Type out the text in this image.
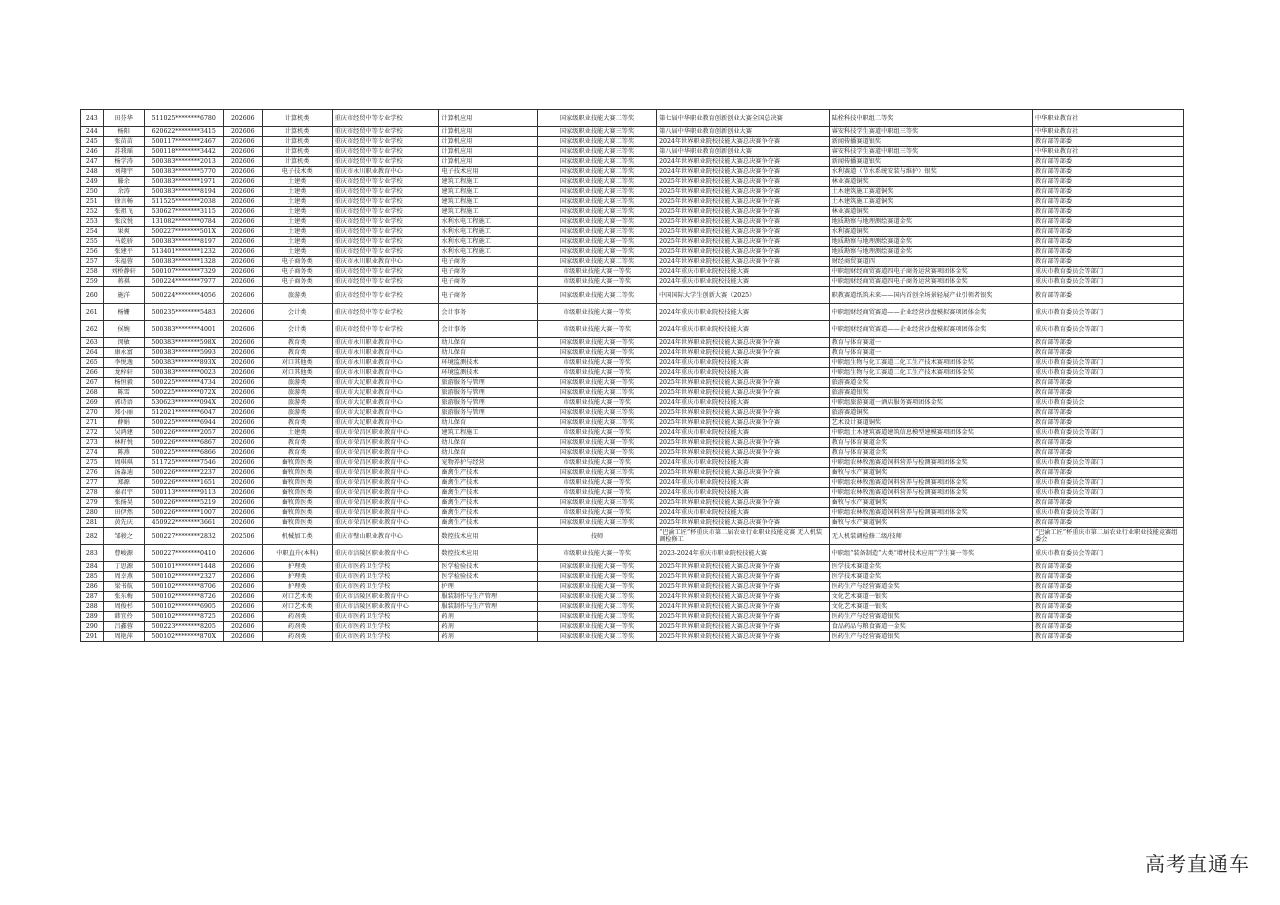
243	田芬华	511025********6780	202606	计算机类	重庆市经贸中等专业学校	计算机应用	国家级职业技能大赛二等奖	第七届中华职业教育创新创业大赛全国总决赛	陆栓科技中职组二等奖	中华职业教育社
244	杨阳	620622********3415	202606	计算机类	重庆市经贸中等专业学校	计算机应用	国家级职业技能大赛三等奖	第八届中华职业教育创新创业大赛	睿安科技学生赛道中职组三等奖	中华职业教育社
245	张苗苗	500117********2467	202606	计算机类	重庆市经贸中等专业学校	计算机应用	国家级职业技能大赛二等奖	2024年世界职业院校技能大赛总决赛争夺赛	新闻传播赛道银奖	教育部等部委
246	苏我瑶	500118********3442	202606	计算机类	重庆市经贸中等专业学校	计算机应用	国家级职业技能大赛三等奖	第八届中华职业教育创新创业大赛	睿安科技学生赛道中职组三等奖	中华职业教育社
247	杨学涛	500383********2013	202606	计算机类	重庆市经贸中等专业学校	计算机应用	国家级职业技能大赛二等奖	2024年世界职业院校技能大赛总决赛争夺赛	新闻传播赛道银奖	教育部等部委
248	刘翔宇	500383********5770	202606	电子技术类	重庆市永川职业教育中心	电子技术应用	国家级职业技能大赛二等奖	2024年世界职业院校技能大赛总决赛争夺赛	水利赛道（节水系统安装与维护）银奖	教育部等部委
249	滕余	500383********1971	202606	土建类	重庆市经贸中等专业学校	建筑工程施工	国家级职业技能大赛二等奖	2025年世界职业院校技能大赛总决赛争夺赛	林业赛道铜奖	教育部等部委
250	余涛	500383********8194	202606	土建类	重庆市经贸中等专业学校	建筑工程施工	国家级职业技能大赛三等奖	2025年世界职业院校技能大赛总决赛争夺赛	土木建筑施工赛道铜奖	教育部等部委
251	徐言畅	511525********2038	202606	土建类	重庆市经贸中等专业学校	建筑工程施工	国家级职业技能大赛三等奖	2025年世界职业院校技能大赛总决赛争夺赛	土木建筑施工赛道铜奖	教育部等部委
252	张祖飞	530627********3115	202606	土建类	重庆市经贸中等专业学校	建筑工程施工	国家级职业技能大赛三等奖	2025年世界职业院校技能大赛总决赛争夺赛	林业赛道铜奖	教育部等部委
253	张汶悦	131082********0784	202606	土建类	重庆市经贸中等专业学校	水利水电工程施工	国家级职业技能大赛一等奖	2025年世界职业院校技能大赛总决赛争夺赛	地质勘察与地理测绘赛道金奖	教育部等部委
254	果爽	500227********501X	202606	土建类	重庆市经贸中等专业学校	水利水电工程施工	国家级职业技能大赛三等奖	2025年世界职业院校技能大赛总决赛争夺赛	水利赛道铜奖	教育部等部委
255	马乾骄	500383********8197	202606	土建类	重庆市经贸中等专业学校	水利水电工程施工	国家级职业技能大赛一等奖	2025年世界职业院校技能大赛总决赛争夺赛	地质勘察与地理测绘赛道金奖	教育部等部委
256	张建平	513401********1232	202606	土建类	重庆市经贸中等专业学校	水利水电工程施工	国家级职业技能大赛一等奖	2025年世界职业院校技能大赛总决赛争夺赛	地质勘察与地理测绘赛道金奖	教育部等部委
257	朱福蓉	500383********1328	202606	电子商务类	重庆市永川职业教育中心	电子商务	国家级职业技能大赛二等奖	2024年世界职业院校技能大赛总决赛争夺赛	财经商贸赛道四	教育部等部委
258	刘桥静轩	500107********7329	202606	电子商务类	重庆市经贸中等专业学校	电子商务	市级职业技能大赛一等奖	2024年重庆市职业院校技能大赛	中职组财经商贸赛道四电子商务运营赛项团体金奖	重庆市教育委员会等部门
259	蒋祺	500224********7977	202606	电子商务类	重庆市经贸中等专业学校	电子商务	市级职业技能大赛一等奖	2024年重庆市职业院校技能大赛	中职组财经商贸赛道四电子商务运营赛项团体金奖	重庆市教育委员会等部门
260	施洋	500224********4056	202606	旅游类	重庆市经贸中等专业学校	电子商务	国家级职业技能大赛二等奖	中国国际大学生创新大赛（2025）	职教赛道纸筑未来——国内首创全场景轻展产业引领者银奖	教育部等部委
261	杨姗	500235********5483	202606	会计类	重庆市经贸中等专业学校	会计事务	市级职业技能大赛一等奖	2024年重庆市职业院校技能大赛	中职组财经商贸赛道——企业经营沙盘模拟赛项团体金奖	重庆市教育委员会等部门
262	侯婉	500383********4001	202606	会计类	重庆市经贸中等专业学校	会计事务	市级职业技能大赛一等奖	2024年重庆市职业院校技能大赛	中职组财经商贸赛道——企业经营沙盘模拟赛项团体金奖	重庆市教育委员会等部门
263	闵敏	500383********598X	202606	教育类	重庆市永川职业教育中心	幼儿保育	国家级职业技能大赛一等奖	2024年世界职业院校技能大赛总决赛争夺赛	教育与体育赛道一	教育部等部委
264	康永富	500383********5993	202606	教育类	重庆市永川职业教育中心	幼儿保育	国家级职业技能大赛一等奖	2024年世界职业院校技能大赛总决赛争夺赛	教育与体育赛道一	教育部等部委
265	李悦逸	500383********893X	202606	对口其他类	重庆市永川职业教育中心	环境监测技术	市级职业技能大赛一等奖	2024年重庆市职业院校技能大赛	中职组生物与化工赛道二化工生产技术赛项团体金奖	重庆市教育委员会等部门
266	龙梓轩	500383********0023	202606	对口其他类	重庆市永川职业教育中心	环境监测技术	市级职业技能大赛一等奖	2024年重庆市职业院校技能大赛	中职组生物与化工赛道二化工生产技术赛项团体金奖	重庆市教育委员会等部门
267	杨恒毅	500225********4734	202606	旅游类	重庆市大足职业教育中心	旅游服务与管理	国家级职业技能大赛一等奖	2025年世界职业院校技能大赛总决赛争夺赛	旅游赛道金奖	教育部等部委
268	陈雪	500225********072X	202606	旅游类	重庆市大足职业教育中心	旅游服务与管理	国家级职业技能大赛二等奖	2025年世界职业院校技能大赛总决赛争夺赛	旅游赛道银奖	教育部等部委
269	郭诗语	530623********094X	202606	旅游类	重庆市大足职业教育中心	旅游服务与管理	市级职业技能大赛一等奖	2024年重庆市职业院校技能大赛	中职组旅游赛道一酒店服务赛项团体金奖	重庆市教育委员会
270	郑小丽	512021********6047	202606	旅游类	重庆市大足职业教育中心	旅游服务与管理	国家级职业技能大赛三等奖	2025年世界职业院校技能大赛总决赛争夺赛	旅游赛道铜奖	教育部等部委
271	薛娟	500225********6944	202606	教育类	重庆市大足职业教育中心	幼儿保育	国家级职业技能大赛二等奖	2025年世界职业院校技能大赛总决赛争夺赛	艺术设计赛道铜奖	教育部等部委
272	吴鸿建	500226********2057	202606	土建类	重庆市荣昌区职业教育中心	建筑工程施工	市级职业技能大赛一等奖	2024年重庆市职业院校技能大赛	中职组土木建筑赛道建筑信息模型建模赛项团体金奖	重庆市教育委员会等部门
273	林籽悦	500226********6867	202606	教育类	重庆市荣昌区职业教育中心	幼儿保育	国家级职业技能大赛一等奖	2025年世界职业院校技能大赛总决赛争夺赛	教育与体育赛道金奖	教育部等部委
274	陈燕	500225********6866	202606	教育类	重庆市荣昌区职业教育中心	幼儿保育	国家级职业技能大赛一等奖	2025年世界职业院校技能大赛总决赛争夺赛	教育与体育赛道金奖	教育部等部委
275	周琪琪	511725********7546	202606	畜牧兽医类	重庆市荣昌区职业教育中心	宠物养护与经营	市级职业技能大赛一等奖	2024年重庆市职业院校技能大赛	中职组农林牧渔赛道饲料营养与检测赛项团体金奖	重庆市教育委员会等部门
276	汤淼迪	500226********2237	202606	畜牧兽医类	重庆市荣昌区职业教育中心	畜禽生产技术	国家级职业技能大赛三等奖	2025年世界职业院校技能大赛总决赛争夺赛	畜牧与水产赛道铜奖	教育部等部委
277	郑源	500226********1651	202606	畜牧兽医类	重庆市荣昌区职业教育中心	畜禽生产技术	市级职业技能大赛一等奖	2024年重庆市职业院校技能大赛	中职组农林牧渔赛道饲料营养与检测赛项团体金奖	重庆市教育委员会等部门
278	秦君宇	500113********9113	202606	畜牧兽医类	重庆市荣昌区职业教育中心	畜禽生产技术	市级职业技能大赛一等奖	2024年重庆市职业院校技能大赛	中职组农林牧渔赛道饲料营养与检测赛项团体金奖	重庆市教育委员会等部门
279	张扬昊	500226********5219	202606	畜牧兽医类	重庆市荣昌区职业教育中心	畜禽生产技术	国家级职业技能大赛三等奖	2025年世界职业院校技能大赛总决赛争夺赛	畜牧与水产赛道铜奖	教育部等部委
280	田伊然	500226********1007	202606	畜牧兽医类	重庆市荣昌区职业教育中心	畜禽生产技术	市级职业技能大赛一等奖	2024年重庆市职业院校技能大赛	中职组农林牧渔赛道饲料营养与检测赛项团体金奖	重庆市教育委员会等部门
281	黄先庆	450922********3661	202606	畜牧兽医类	重庆市荣昌区职业教育中心	畜禽生产技术	国家级职业技能大赛三等奖	2025年世界职业院校技能大赛总决赛争夺赛	畜牧与水产赛道铜奖	教育部等部委
282	邹骏之	500227********2832	202506	机械加工类	重庆市璧山职业教育中心	数控技术应用	技师	“巴渝工匠”杯重庆市第二届农业行业职业技能竞赛 无人机装调检修工	无人机装调检修二级/技师	“巴渝工匠”杯重庆市第二届农业行业职业技能竞赛组委会
283	曹峻源	500227********0410	202606	中职直升(本科)	重庆市涪陵区职业教育中心	数控技术应用	市级职业技能大赛一等奖	2023-2024年重庆市职业院校技能大赛	中职组“装备制造”大类“增材技术应用”学生赛一等奖	重庆市教育委员会等部门
284	丁思源	500101********1448	202606	护理类	重庆市医药卫生学校	医学检验技术	国家级职业技能大赛一等奖	2025年世界职业院校技能大赛总决赛争夺赛	医学技术赛道金奖	教育部等部委
285	周幸燕	500102********2327	202606	护理类	重庆市医药卫生学校	医学检验技术	国家级职业技能大赛一等奖	2025年世界职业院校技能大赛总决赛争夺赛	医学技术赛道金奖	教育部等部委
286	梁书航	500102********8706	202606	护理类	重庆市医药卫生学校	护理	国家级职业技能大赛一等奖	2025年世界职业院校技能大赛总决赛争夺赛	医药生产与经营赛道金奖	教育部等部委
287	张东梅	500102********8726	202606	对口艺术类	重庆市涪陵区职业教育中心	服装制作与生产管理	国家级职业技能大赛二等奖	2024年世界职业院校技能大赛总决赛争夺赛	文化艺术赛道一银奖	教育部等部委
288	周俊杉	500102********6905	202606	对口艺术类	重庆市涪陵区职业教育中心	服装制作与生产管理	国家级职业技能大赛二等奖	2024年世界职业院校技能大赛总决赛争夺赛	文化艺术赛道一银奖	教育部等部委
289	韩宜伶	500102********8725	202606	药剂类	重庆市医药卫生学校	药剂	国家级职业技能大赛二等奖	2025年世界职业院校技能大赛总决赛争夺赛	医药生产与经营赛道银奖	教育部等部委
290	吕鑫蓉	500223********8205	202606	药剂类	重庆市医药卫生学校	药剂	国家级职业技能大赛一等奖	2025年世界职业院校技能大赛总决赛争夺赛	食品药品与粮食赛道一金奖	教育部等部委
291	周艳萍	500102********870X	202606	药剂类	重庆市医药卫生学校	药剂	国家级职业技能大赛二等奖	2025年世界职业院校技能大赛总决赛争夺赛	医药生产与经营赛道银奖	教育部等部委
高考直通车
